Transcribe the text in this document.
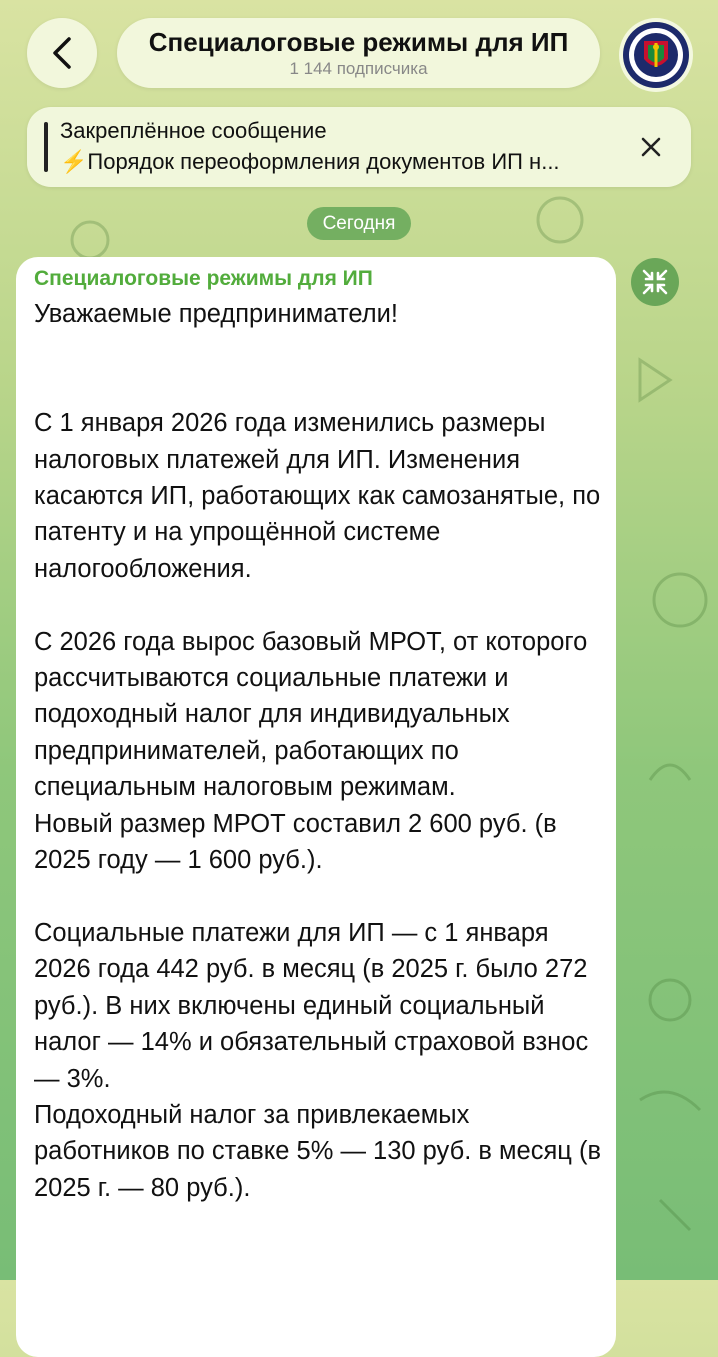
Специалоговые режимы для ИП
1 144 подписчика
Закреплённое сообщение
⚡Порядок переоформления документов ИП н...
Сегодня
Специалоговые режимы для ИП
Уважаемые предприниматели!

С 1 января 2026 года изменились размеры налоговых платежей для ИП. Изменения касаются ИП, работающих как самозанятые, по патенту и на упрощённой системе налогообложения.

С 2026 года вырос базовый МРОТ, от которого рассчитываются социальные платежи и подоходный налог для индивидуальных предпринимателей, работающих по специальным налоговым режимам.
Новый размер МРОТ составил 2 600 руб. (в 2025 году — 1 600 руб.).

Социальные платежи для ИП — с 1 января 2026 года 442 руб. в месяц (в 2025 г. было 272 руб.). В них включены единый социальный налог — 14% и обязательный страховой взнос — 3%.
Подоходный налог за привлекаемых работников по ставке 5% — 130 руб. в месяц (в 2025 г. — 80 руб.).
